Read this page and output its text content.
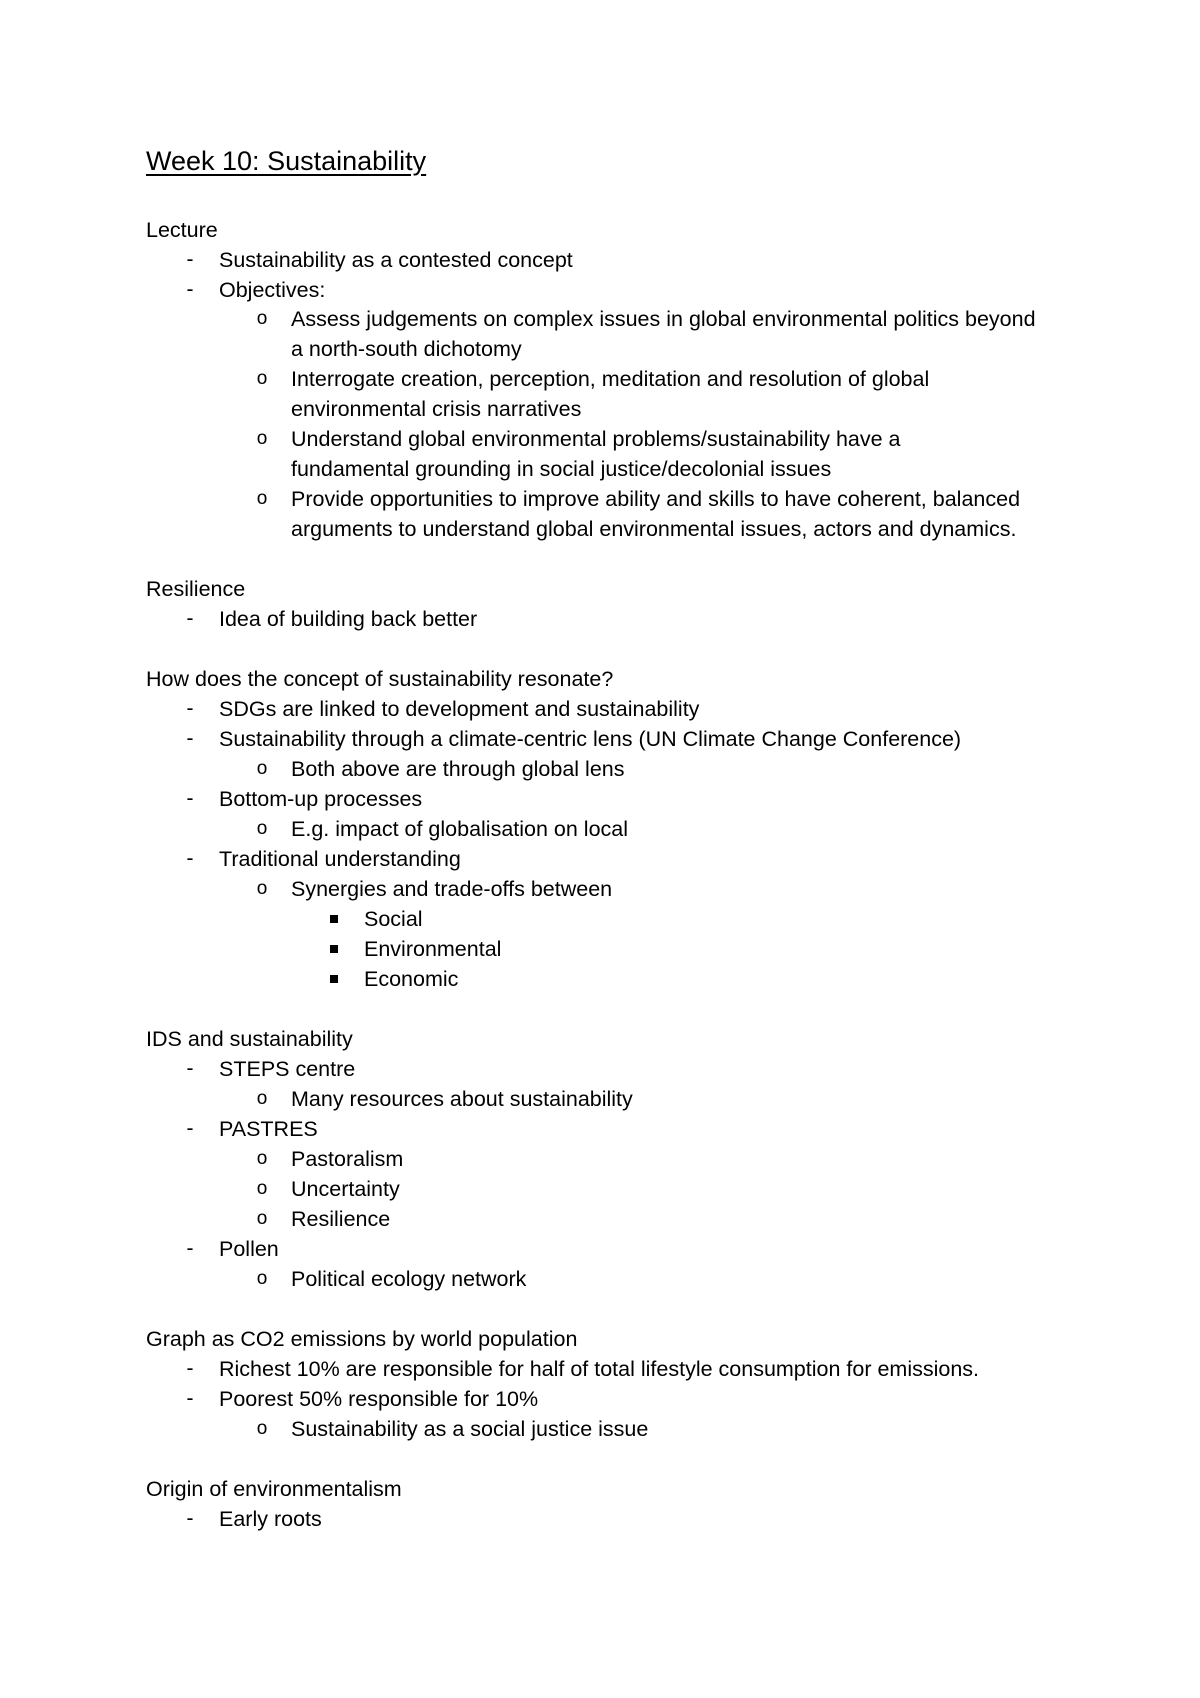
Week 10: Sustainability
Lecture
-	Sustainability as a contested concept
-	Objectives:
o Assess judgements on complex issues in global environmental politics beyond
a north-south dichotomy
o Interrogate creation, perception, meditation and resolution of global
environmental crisis narratives
o Understand global environmental problems/sustainability have a
fundamental grounding in social justice/decolonial issues
o Provide opportunities to improve ability and skills to have coherent, balanced
arguments to understand global environmental issues, actors and dynamics.
Resilience
-	Idea of building back better
How does the concept of sustainability resonate?
-	SDGs are linked to development and sustainability
-	Sustainability through a climate-centric lens (UN Climate Change Conference)
o Both above are through global lens
-	Bottom-up processes
o E.g. impact of globalisation on local
-	Traditional understanding
o Synergies and trade-offs between
Social
Environmental
Economic
IDS and sustainability
-	STEPS centre
o Many resources about sustainability
-	PASTRES
o Pastoralism
o Uncertainty
o Resilience
-	Pollen
o Political ecology network
Graph as CO2 emissions by world population
-	Richest 10% are responsible for half of total lifestyle consumption for emissions.
-	Poorest 50% responsible for 10%
o Sustainability as a social justice issue
Origin of environmentalism
-	Early roots
